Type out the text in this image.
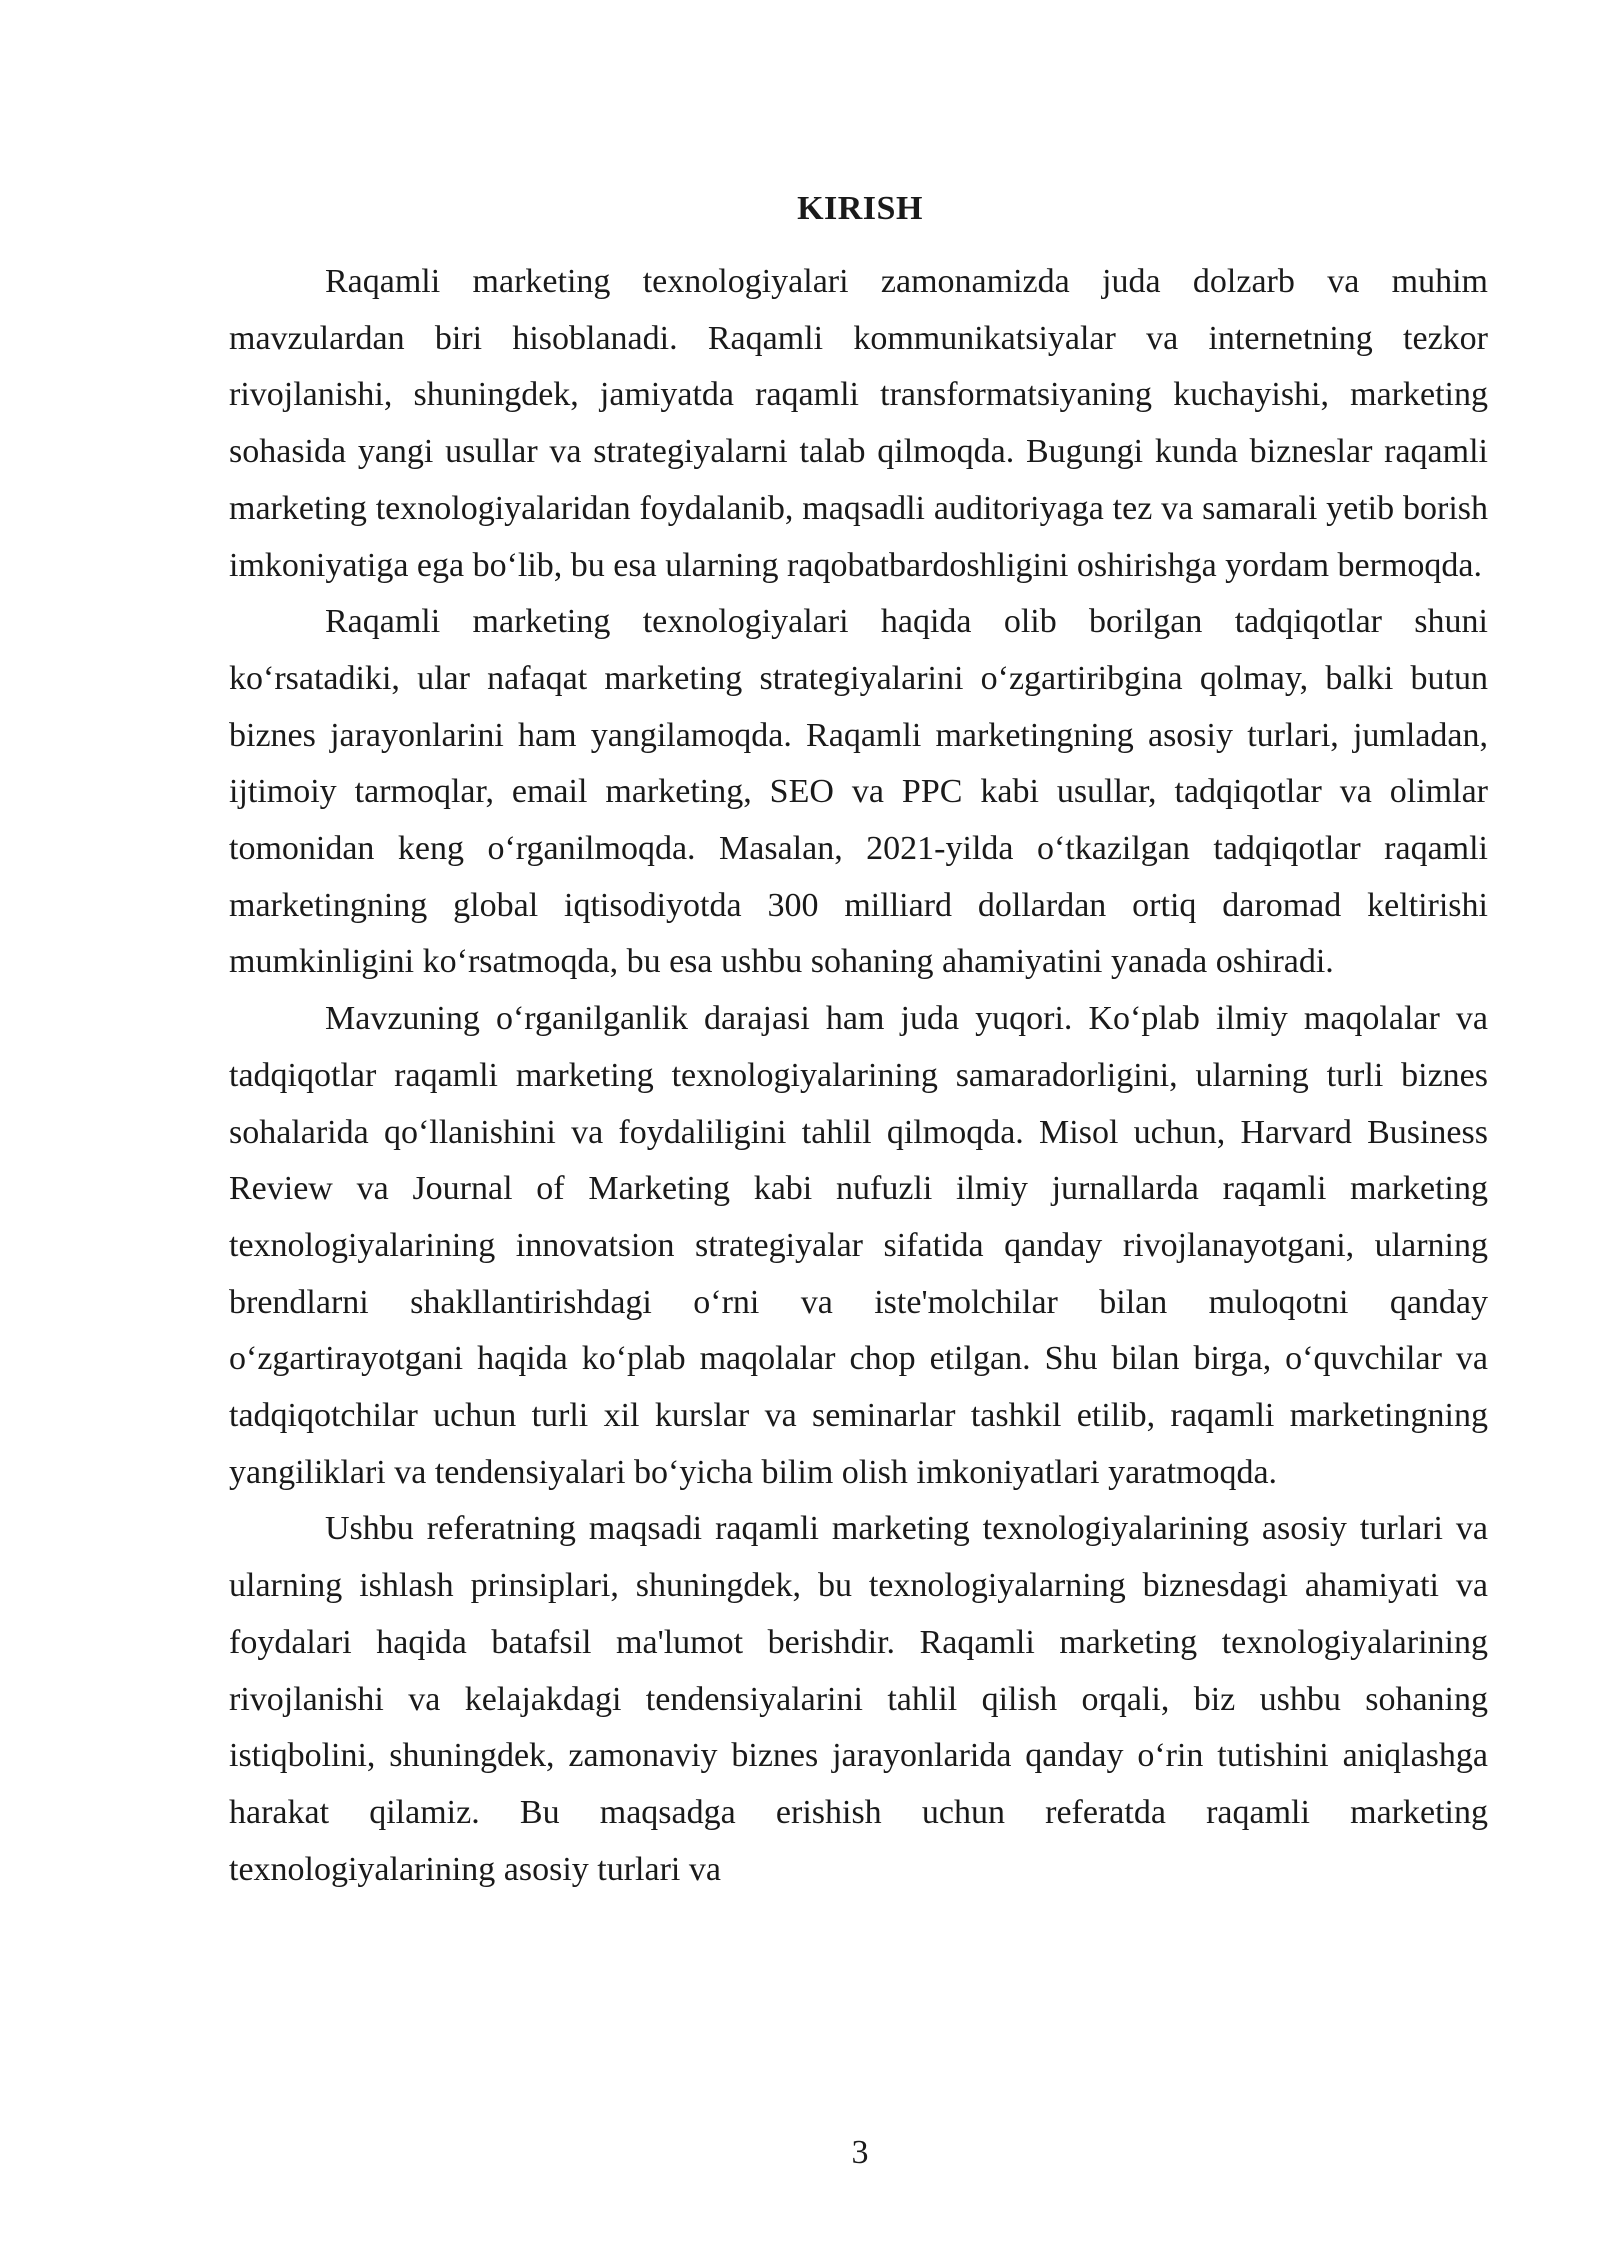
KIRISH

Raqamli marketing texnologiyalari zamonamizda juda dolzarb va muhim mavzulardan biri hisoblanadi. Raqamli kommunikatsiyalar va internetning tezkor rivojlanishi, shuningdek, jamiyatda raqamli transformatsiyaning kuchayishi, marketing sohasida yangi usullar va strategiyalarni talab qilmoqda. Bugungi kunda bizneslar raqamli marketing texnologiyalaridan foydalanib, maqsadli auditoriyaga tez va samarali yetib borish imkoniyatiga ega bo‘lib, bu esa ularning raqobatbardoshligini oshirishga yordam bermoqda.

Raqamli marketing texnologiyalari haqida olib borilgan tadqiqotlar shuni ko‘rsatadiki, ular nafaqat marketing strategiyalarini o‘zgartiribgina qolmay, balki butun biznes jarayonlarini ham yangilamoqda. Raqamli marketingning asosiy turlari, jumladan, ijtimoiy tarmoqlar, email marketing, SEO va PPC kabi usullar, tadqiqotlar va olimlar tomonidan keng o‘rganilmoqda. Masalan, 2021-yilda o‘tkazilgan tadqiqotlar raqamli marketingning global iqtisodiyotda 300 milliard dollardan ortiq daromad keltirishi mumkinligini ko‘rsatmoqda, bu esa ushbu sohaning ahamiyatini yanada oshiradi.

Mavzuning o‘rganilganlik darajasi ham juda yuqori. Ko‘plab ilmiy maqolalar va tadqiqotlar raqamli marketing texnologiyalarining samaradorligini, ularning turli biznes sohalarida qo‘llanishini va foydaliligini tahlil qilmoqda. Misol uchun, Harvard Business Review va Journal of Marketing kabi nufuzli ilmiy jurnallarda raqamli marketing texnologiyalarining innovatsion strategiyalar sifatida qanday rivojlanayotgani, ularning brendlarni shakllantirishdagi o‘rni va iste'molchilar bilan muloqotni qanday o‘zgartirayotgani haqida ko‘plab maqolalar chop etilgan. Shu bilan birga, o‘quvchilar va tadqiqotchilar uchun turli xil kurslar va seminarlar tashkil etilib, raqamli marketingning yangiliklari va tendensiyalari bo‘yicha bilim olish imkoniyatlari yaratmoqda.

Ushbu referatning maqsadi raqamli marketing texnologiyalarining asosiy turlari va ularning ishlash prinsiplari, shuningdek, bu texnologiyalarning biznesdagi ahamiyati va foydalari haqida batafsil ma'lumot berishdir. Raqamli marketing texnologiyalarining rivojlanishi va kelajakdagi tendensiyalarini tahlil qilish orqali, biz ushbu sohaning istiqbolini, shuningdek, zamonaviy biznes jarayonlarida qanday o‘rin tutishini aniqlashga harakat qilamiz. Bu maqsadga erishish uchun referatda raqamli marketing texnologiyalarining asosiy turlari va

3
